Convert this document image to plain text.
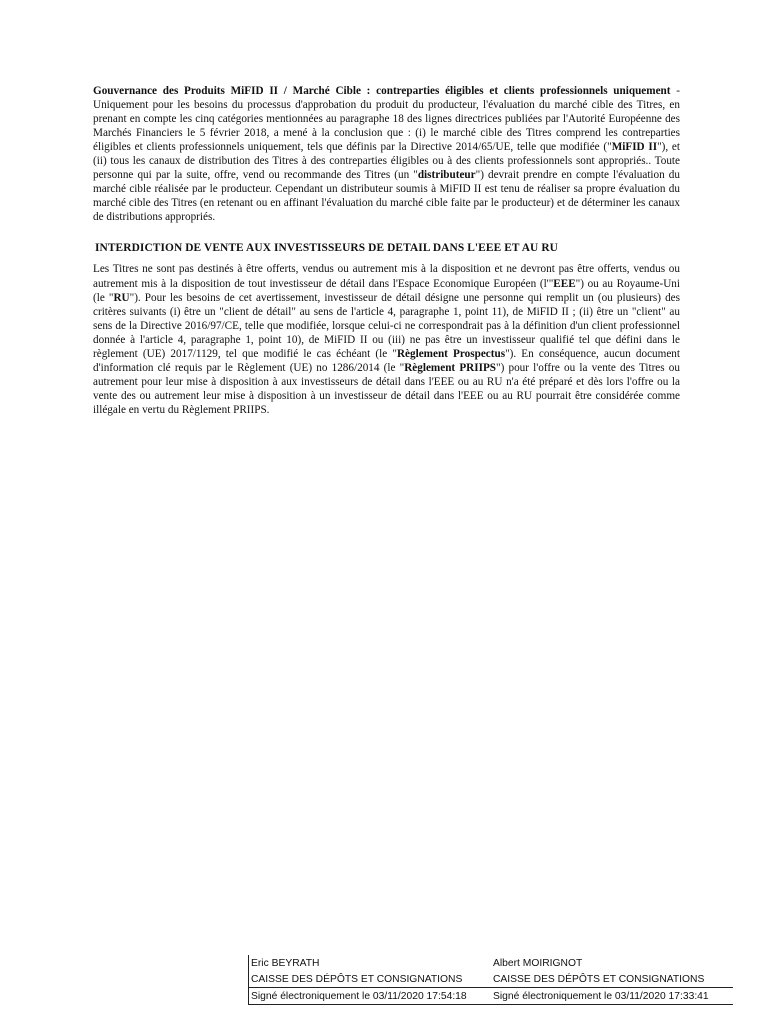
Gouvernance des Produits MiFID II / Marché Cible : contreparties éligibles et clients professionnels uniquement - Uniquement pour les besoins du processus d'approbation du produit du producteur, l'évaluation du marché cible des Titres, en prenant en compte les cinq catégories mentionnées au paragraphe 18 des lignes directrices publiées par l'Autorité Européenne des Marchés Financiers le 5 février 2018, a mené à la conclusion que : (i) le marché cible des Titres comprend les contreparties éligibles et clients professionnels uniquement, tels que définis par la Directive 2014/65/UE, telle que modifiée ("MiFID II"), et (ii) tous les canaux de distribution des Titres à des contreparties éligibles ou à des clients professionnels sont appropriés.. Toute personne qui par la suite, offre, vend ou recommande des Titres (un "distributeur") devrait prendre en compte l'évaluation du marché cible réalisée par le producteur. Cependant un distributeur soumis à MiFID II est tenu de réaliser sa propre évaluation du marché cible des Titres (en retenant ou en affinant l'évaluation du marché cible faite par le producteur) et de déterminer les canaux de distributions appropriés.

INTERDICTION DE VENTE AUX INVESTISSEURS DE DETAIL DANS L'EEE ET AU RU

Les Titres ne sont pas destinés à être offerts, vendus ou autrement mis à la disposition et ne devront pas être offerts, vendus ou autrement mis à la disposition de tout investisseur de détail dans l'Espace Economique Européen (l'"EEE") ou au Royaume-Uni (le "RU"). Pour les besoins de cet avertissement, investisseur de détail désigne une personne qui remplit un (ou plusieurs) des critères suivants (i) être un "client de détail" au sens de l'article 4, paragraphe 1, point 11), de MiFID II ; (ii) être un "client" au sens de la Directive 2016/97/CE, telle que modifiée, lorsque celui-ci ne correspondrait pas à la définition d'un client professionnel donnée à l'article 4, paragraphe 1, point 10), de MiFID II ou (iii) ne pas être un investisseur qualifié tel que défini dans le règlement (UE) 2017/1129, tel que modifié le cas échéant (le "Règlement Prospectus"). En conséquence, aucun document d'information clé requis par le Règlement (UE) no 1286/2014 (le "Règlement PRIIPS") pour l'offre ou la vente des Titres ou autrement pour leur mise à disposition à aux investisseurs de détail dans l'EEE ou au RU n'a été préparé et dès lors l'offre ou la vente des ou autrement leur mise à disposition à un investisseur de détail dans l'EEE ou au RU pourrait être considérée comme illégale en vertu du Règlement PRIIPS.

Eric BEYRATH	Albert MOIRIGNOT
CAISSE DES DÉPÔTS ET CONSIGNATIONS	CAISSE DES DÉPÔTS ET CONSIGNATIONS
Signé électroniquement le 03/11/2020 17:54:18	Signé électroniquement le 03/11/2020 17:33:41
